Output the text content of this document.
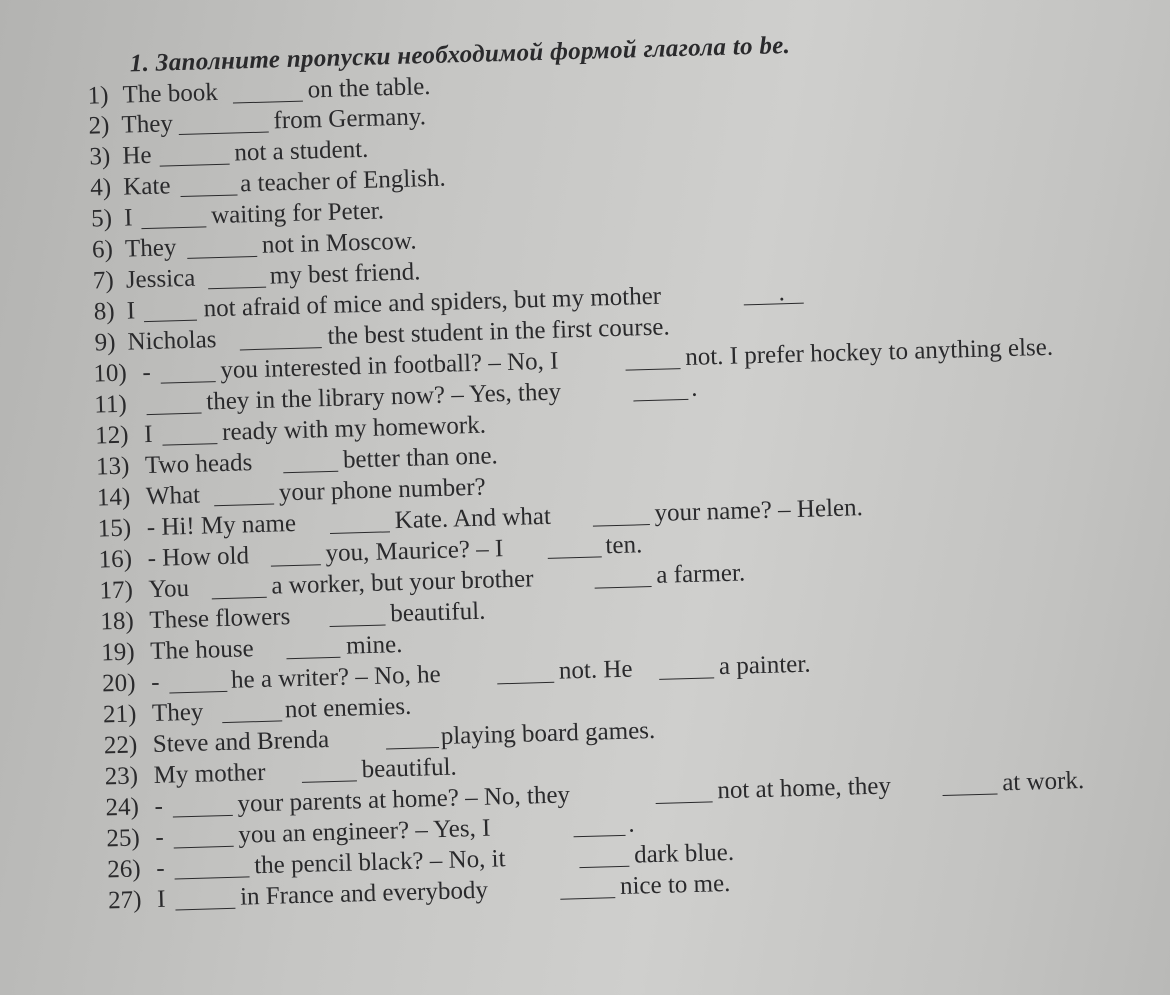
1. Заполните пропуски необходимой формой глагола to be.
1) The book	on the table.
2) They	from Germany.
3) He	not a student.
4) Kate	a teacher of English.
5) I	waiting for Peter.
6) They	not in Moscow.
7) Jessica	my best friend.
8) I	not afraid of mice and spiders, but my mother	.
9) Nicholas	the best student in the first course.
10) -	you interested in football? – No, I	not. I prefer hockey to anything else.
11)	they in the library now? – Yes, they	.
12) I	ready with my homework.
13) Two heads	better than one.
14) What	your phone number?
15) - Hi! My name	Kate. And what	your name? – Helen.
16) - How old	you, Maurice? – I	ten.
17) You	a worker, but your brother	a farmer.
18) These flowers	beautiful.
19) The house	mine.
20) -	he a writer? – No, he	not. He	a painter.
21) They	not enemies.
22) Steve and Brenda	playing board games.
23) My mother	beautiful.
24) -	your parents at home? – No, they	not at home, they	at work.
25) -	you an engineer? – Yes, I	.
26) -	the pencil black? – No, it	dark blue.
27) I	in France and everybody	nice to me.
